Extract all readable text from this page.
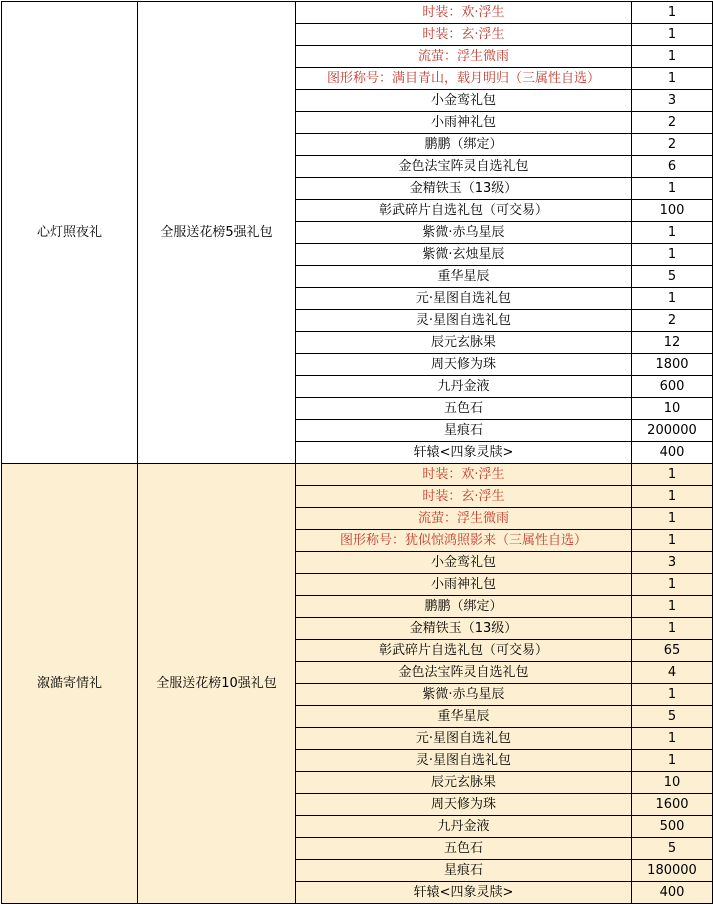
心灯照夜礼	全服送花榜5强礼包	时装：欢·浮生	1
		时装：玄·浮生	1
		流萤：浮生微雨	1
		图形称号：满目青山，载月明归（三属性自选）	1
		小金鸾礼包	3
		小雨神礼包	2
		鹏鹏（绑定）	2
		金色法宝阵灵自选礼包	6
		金精铁玉（13级）	1
		彰武碎片自选礼包（可交易）	100
		紫微·赤乌星辰	1
		紫微·玄烛星辰	1
		重华星辰	5
		元·星图自选礼包	1
		灵·星图自选礼包	2
		辰元玄脉果	12
		周天修为珠	1800
		九丹金液	600
		五色石	10
		星痕石	200000
		轩辕<四象灵牍>	400
溆澔寄情礼	全服送花榜10强礼包	时装：欢·浮生	1
		时装：玄·浮生	1
		流萤：浮生微雨	1
		图形称号：犹似惊鸿照影来（三属性自选）	1
		小金鸾礼包	3
		小雨神礼包	1
		鹏鹏（绑定）	1
		金精铁玉（13级）	1
		彰武碎片自选礼包（可交易）	65
		金色法宝阵灵自选礼包	4
		紫微·赤乌星辰	1
		重华星辰	5
		元·星图自选礼包	1
		灵·星图自选礼包	1
		辰元玄脉果	10
		周天修为珠	1600
		九丹金液	500
		五色石	5
		星痕石	180000
		轩辕<四象灵牍>	400
